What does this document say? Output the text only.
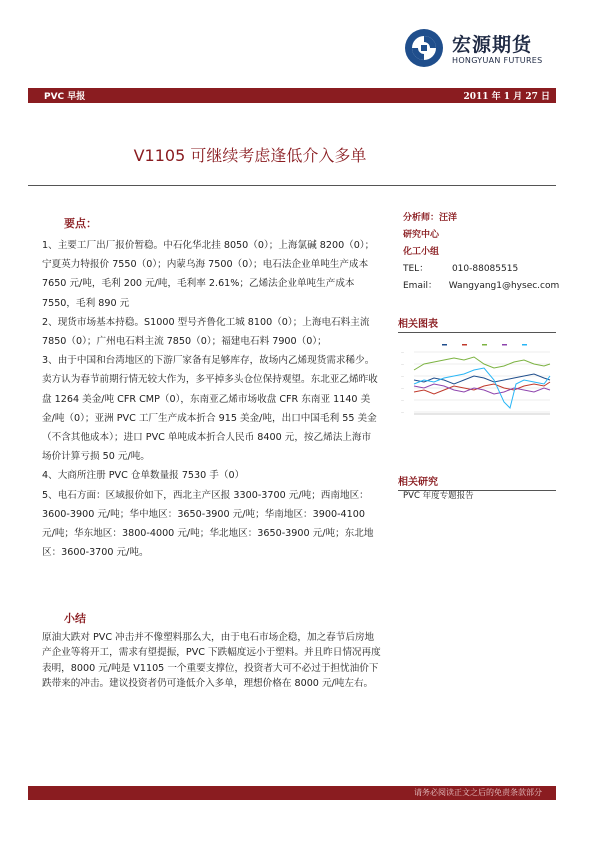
宏源期货
HONGYUAN FUTURES
PVC 早报	2011 年 1 月 27 日
V1105 可继续考虑逢低介入多单
要点：

1、主要工厂出厂报价暂稳。中石化华北挂 8050（0）；上海氯碱 8200（0）；宁夏英力特报价 7550（0）；内蒙乌海 7500（0）；电石法企业单吨生产成本 7650 元/吨，毛利 200 元/吨，毛利率 2.61%；乙烯法企业单吨生产成本 7550，毛利 890 元

2、现货市场基本持稳。S1000 型号齐鲁化工城 8100（0）；上海电石料主流 7850（0）；广州电石料主流 7850（0）；福建电石料 7900（0）；

3、由于中国和台湾地区的下游厂家备有足够库存，故场内乙烯现货需求稀少。卖方认为春节前期行情无较大作为，多平掉多头仓位保持观望。东北亚乙烯昨收盘 1264 美金/吨 CFR CMP（0），东南亚乙烯市场收盘 CFR 东南亚 1140 美金/吨（0）；亚洲 PVC 工厂生产成本折合 915 美金/吨，出口中国毛利 55 美金（不含其他成本）；进口 PVC 单吨成本折合人民币 8400 元，按乙烯法上海市场价计算亏损 50 元/吨。

4、大商所注册 PVC 仓单数量报 7530 手（0）

5、电石方面：区域报价如下，西北主产区报 3300-3700 元/吨；西南地区：3600-3900 元/吨；华中地区：3650-3900 元/吨；华南地区：3900-4100 元/吨；华东地区：3800-4000 元/吨；华北地区：3650-3900 元/吨；东北地区：3600-3700 元/吨。

小结
原油大跌对 PVC 冲击并不像塑料那么大，由于电石市场企稳，加之春节后房地产企业等将开工，需求有望提振，PVC 下跌幅度远小于塑料。并且昨日情况再度表明，8000 元/吨是 V1105 一个重要支撑位，投资者大可不必过于担忧油价下跌带来的冲击。建议投资者仍可逢低介入多单，理想价格在 8000 元/吨左右。
分析师：汪洋
研究中心
化工小组
TEL：	010-88085515
Email： Wangyang1@hysec.com
相关图表
—
—
—
—
—
—
相关研究
PVC 年度专题报告
请务必阅读正文之后的免责条款部分
